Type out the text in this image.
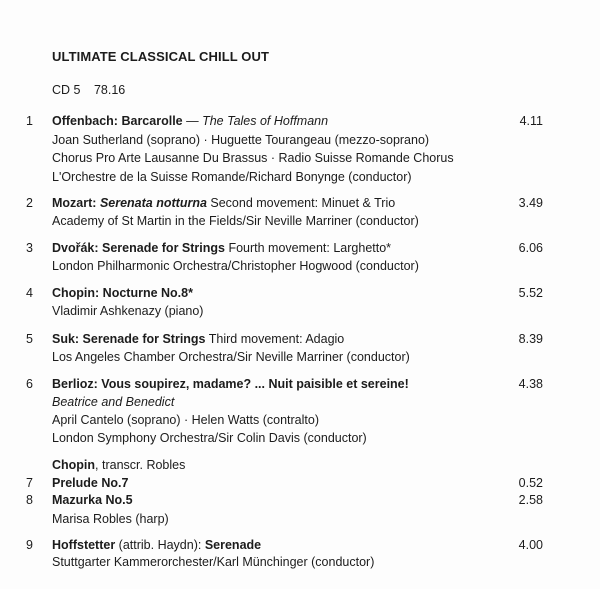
ULTIMATE CLASSICAL CHILL OUT
CD 5 78.16
1 Offenbach: Barcarolle — The Tales of Hoffmann	4.11
Joan Sutherland (soprano) · Huguette Tourangeau (mezzo-soprano)
Chorus Pro Arte Lausanne Du Brassus · Radio Suisse Romande Chorus
L'Orchestre de la Suisse Romande/Richard Bonynge (conductor)
2 Mozart: Serenata notturna Second movement: Minuet & Trio	3.49
Academy of St Martin in the Fields/Sir Neville Marriner (conductor)
3 Dvořák: Serenade for Strings Fourth movement: Larghetto*	6.06
London Philharmonic Orchestra/Christopher Hogwood (conductor)
4 Chopin: Nocturne No.8*	5.52
Vladimir Ashkenazy (piano)
5 Suk: Serenade for Strings Third movement: Adagio	8.39
Los Angeles Chamber Orchestra/Sir Neville Marriner (conductor)
6 Berlioz: Vous soupirez, madame? ... Nuit paisible et sereine!	4.38
Beatrice and Benedict
April Cantelo (soprano) · Helen Watts (contralto)
London Symphony Orchestra/Sir Colin Davis (conductor)
Chopin, transcr. Robles
7 Prelude No.7	0.52
8 Mazurka No.5	2.58
Marisa Robles (harp)
9 Hoffstetter (attrib. Haydn): Serenade	4.00
Stuttgarter Kammerorchester/Karl Münchinger (conductor)
